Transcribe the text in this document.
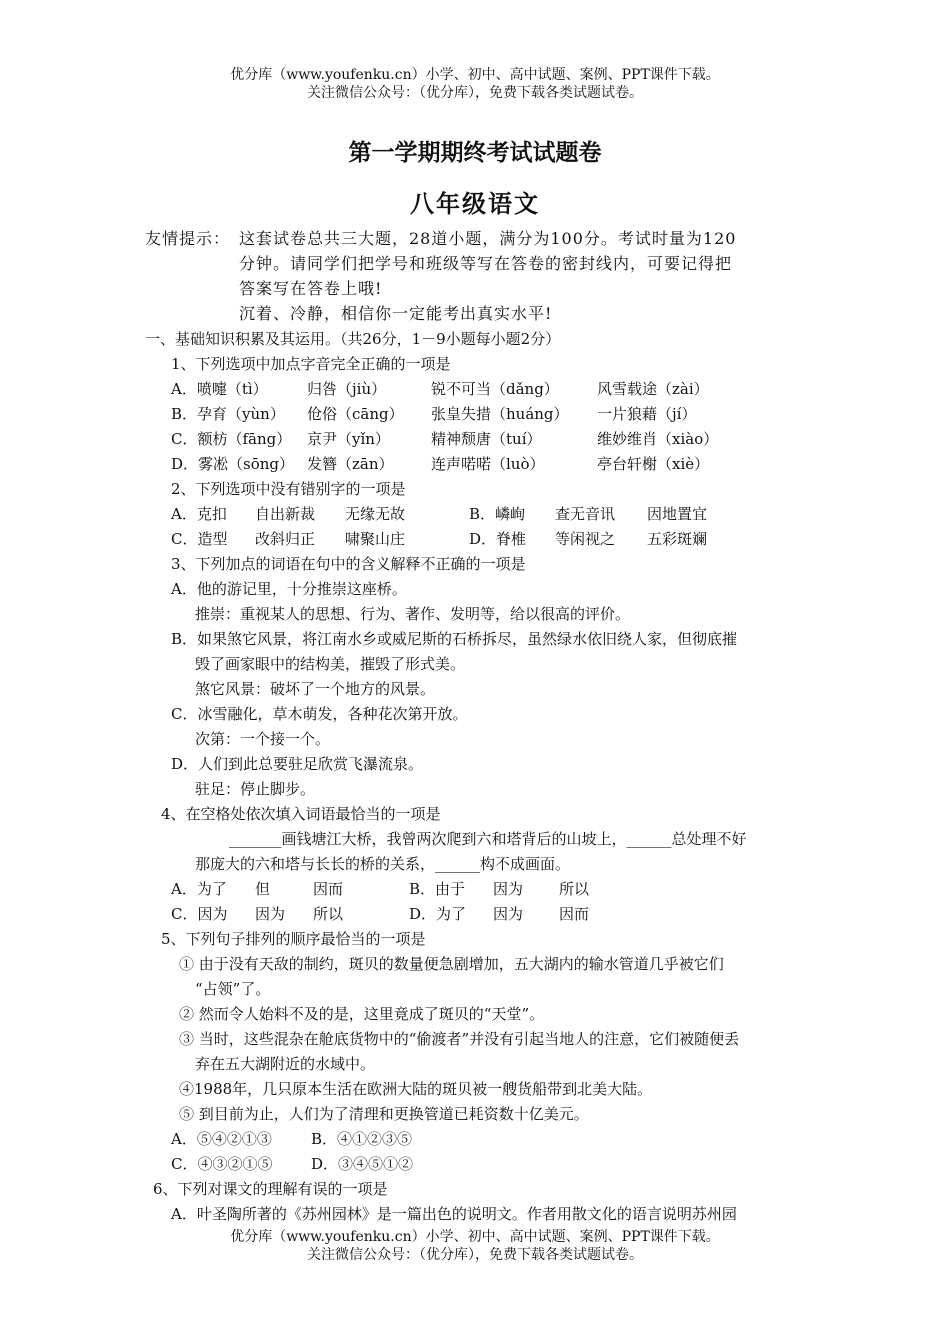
优分库（www.youfenku.cn）小学、初中、高中试题、案例、PPT课件下载。
关注微信公众号：（优分库），免费下载各类试题试卷。
第一学期期终考试试题卷
八年级语文
友情提示： 这套试卷总共三大题，28道小题，满分为100分。考试时量为120
分钟。请同学们把学号和班级等写在答卷的密封线内，可要记得把
答案写在答卷上哦!
沉着、冷静，相信你一定能考出真实水平!
一、基础知识积累及其运用。（共26分，1－9小题每小题2分）
1、下列选项中加点字音完全正确的一项是
A．喷嚏（tì）	归咎（jiù）	锐不可当（dǎng）	风雪载途（zài）
B．孕育（yùn） 伧俗（cāng） 张皇失措（huáng） 一片狼藉（jí）
C．额枋（fāng） 京尹（yǐn）	精神颓唐（tuí）	维妙维肖（xiào）
D．雾凇（sōng） 发簪（zān） 连声喏喏（luò）	亭台轩榭（xiè）
2、下列选项中没有错别字的一项是
A．克扣 自出新裁 无缘无故	B．嶙峋 查无音讯 因地置宜
C．造型 改斜归正 啸聚山庄	D．脊椎 等闲视之 五彩斑斓
3、下列加点的词语在句中的含义解释不正确的一项是
A．他的游记里，十分推崇这座桥。
推崇：重视某人的思想、行为、著作、发明等，给以很高的评价。
B．如果煞它风景，将江南水乡或威尼斯的石桥拆尽，虽然绿水依旧绕人家，但彻底摧
毁了画家眼中的结构美，摧毁了形式美。
煞它风景：破坏了一个地方的风景。
C．冰雪融化，草木萌发，各种花次第开放。
次第：一个接一个。
D．人们到此总要驻足欣赏飞瀑流泉。
驻足：停止脚步。
4、在空格处依次填入词语最恰当的一项是
_______画钱塘江大桥，我曾两次爬到六和塔背后的山坡上，______总处理不好
那庞大的六和塔与长长的桥的关系，______构不成画面。
A．为了 但	因而	B．由于 因为 所以
C．因为 因为 所以	D．为了 因为 因而
5、下列句子排列的顺序最恰当的一项是
① 由于没有天敌的制约，斑贝的数量便急剧增加，五大湖内的输水管道几乎被它们
“占领”了。
② 然而令人始料不及的是，这里竟成了斑贝的“天堂”。
③ 当时，这些混杂在舱底货物中的“偷渡者”并没有引起当地人的注意，它们被随便丢
弃在五大湖附近的水域中。
④1988年，几只原本生活在欧洲大陆的斑贝被一艘货船带到北美大陆。
⑤ 到目前为止，人们为了清理和更换管道已耗资数十亿美元。
A．⑤④②①③	B．④①②③⑤
C．④③②①⑤	D．③④⑤①②
6、下列对课文的理解有误的一项是
A．叶圣陶所著的《苏州园林》是一篇出色的说明文。作者用散文化的语言说明苏州园
优分库（www.youfenku.cn）小学、初中、高中试题、案例、PPT课件下载。
关注微信公众号：（优分库），免费下载各类试题试卷。
